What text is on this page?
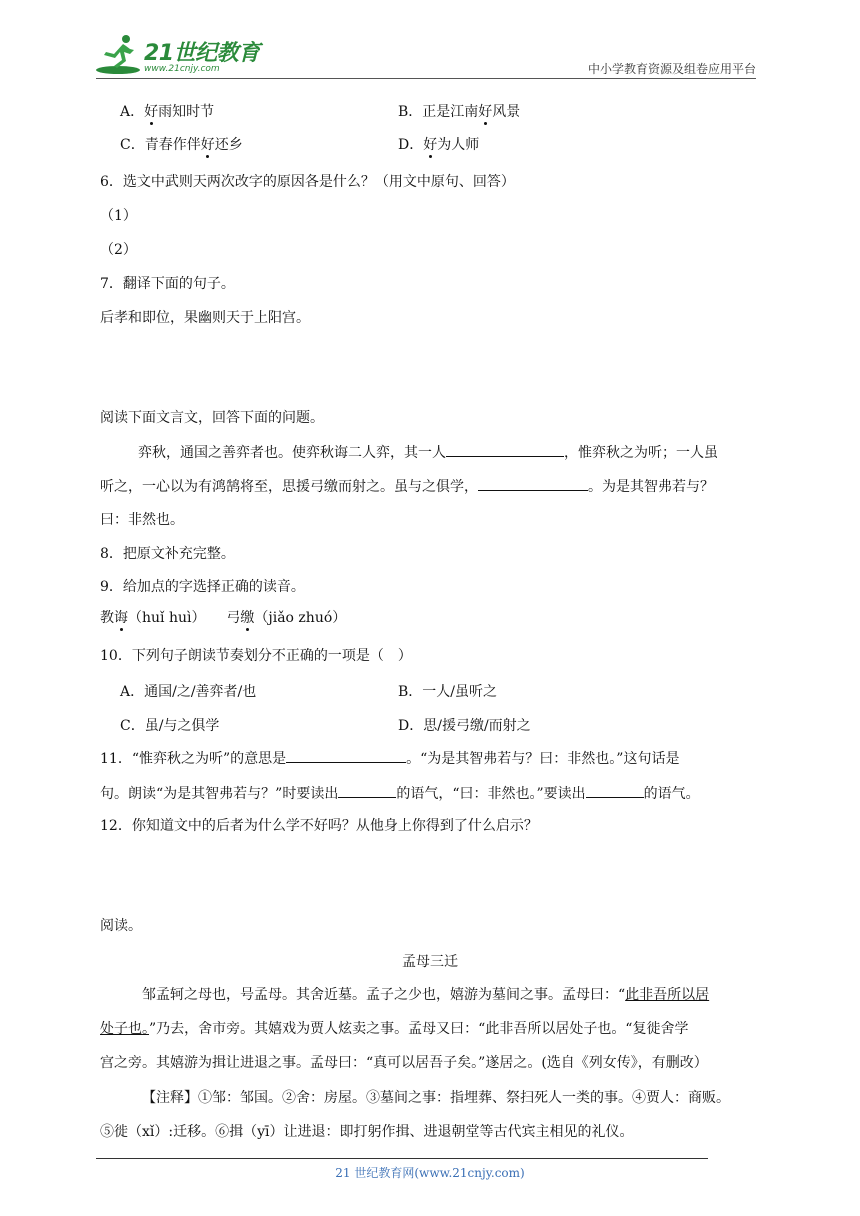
21世纪教育
www.21cnjy.com	中小学教育资源及组卷应用平台
A．好雨知时节	B．正是江南好风景
C．青春作伴好还乡	D．好为人师
6．选文中武则天两次改字的原因各是什么？（用文中原句、回答）
（1）
（2）
7．翻译下面的句子。
后孝和即位，果幽则天于上阳宫。
阅读下面文言文，回答下面的问题。
弈秋，通国之善弈者也。使弈秋诲二人弈，其一人	，惟弈秋之为听；一人虽
听之，一心以为有鸿鹄将至，思援弓缴而射之。虽与之俱学，	。为是其智弗若与？
曰：非然也。
8．把原文补充完整。
9．给加点的字选择正确的读音。
教诲（huǐ huì） 弓缴（jiǎo zhuó）
10．下列句子朗读节奏划分不正确的一项是（　）
A．通国/之/善弈者/也	B．一人/虽听之
C．虽/与之俱学	D．思/援弓缴/而射之
11．“惟弈秋之为听”的意思是	。“为是其智弗若与？曰：非然也。”这句话是
句。朗读“为是其智弗若与？”时要读出	的语气，“曰：非然也。”要读出	的语气。
12．你知道文中的后者为什么学不好吗？从他身上你得到了什么启示？
阅读。
孟母三迁
邹孟轲之母也，号孟母。其舍近墓。孟子之少也，嬉游为墓间之事。孟母曰：“此非吾所以居
处子也。”乃去，舍市旁。其嬉戏为贾人炫卖之事。孟母又曰：“此非吾所以居处子也。“复徙舍学
宫之旁。其嬉游为揖让进退之事。孟母曰：“真可以居吾子矣。”遂居之。(选自《列女传》，有删改）
【注释】①邹：邹国。②舍：房屋。③墓间之事：指埋葬、祭扫死人一类的事。④贾人：商贩。
⑤徙（xǐ）:迁移。⑥揖（yī）让进退：即打躬作揖、进退朝堂等古代宾主相见的礼仪。
21 世纪教育网(www.21cnjy.com)
